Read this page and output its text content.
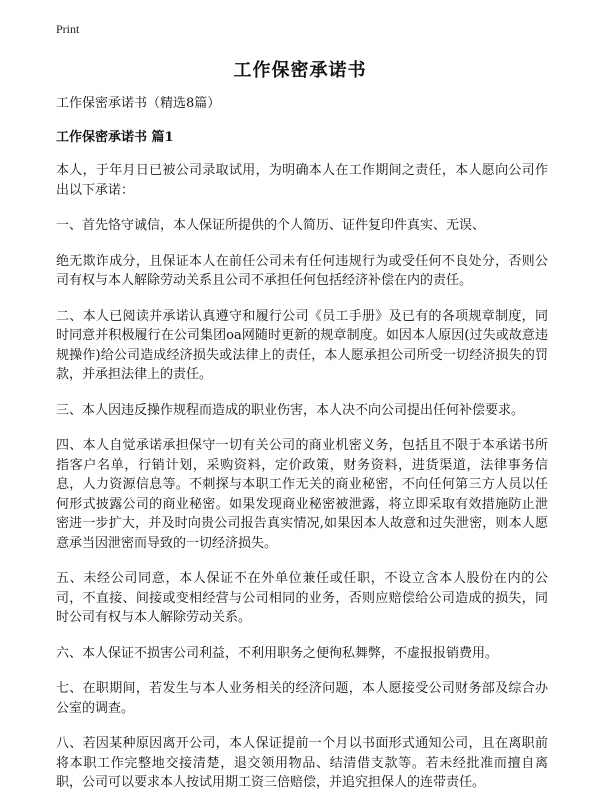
Print
工作保密承诺书

工作保密承诺书（精选8篇）

工作保密承诺书 篇1

本人，于年月日已被公司录取试用，为明确本人在工作期间之责任，本人愿向公司作出以下承诺：

一、首先恪守诚信，本人保证所提供的个人简历、证件复印件真实、无误、

绝无欺诈成分，且保证本人在前任公司未有任何违规行为或受任何不良处分，否则公司有权与本人解除劳动关系且公司不承担任何包括经济补偿在内的责任。

二、本人已阅读并承诺认真遵守和履行公司《员工手册》及已有的各项规章制度，同时同意并积极履行在公司集团oa网随时更新的规章制度。如因本人原因(过失或故意违规操作)给公司造成经济损失或法律上的责任，本人愿承担公司所受一切经济损失的罚款，并承担法律上的责任。

三、本人因违反操作规程而造成的职业伤害，本人决不向公司提出任何补偿要求。

四、本人自觉承诺承担保守一切有关公司的商业机密义务，包括且不限于本承诺书所指客户名单，行销计划，采购资料，定价政策，财务资料，进货渠道，法律事务信息，人力资源信息等。不刺探与本职工作无关的商业秘密，不向任何第三方人员以任何形式披露公司的商业秘密。如果发现商业秘密被泄露，将立即采取有效措施防止泄密进一步扩大，并及时向贵公司报告真实情况,如果因本人故意和过失泄密，则本人愿意承当因泄密而导致的一切经济损失。

五、未经公司同意，本人保证不在外单位兼任或任职，不设立含本人股份在内的公司，不直接、间接或变相经营与公司相同的业务，否则应赔偿给公司造成的损失，同时公司有权与本人解除劳动关系。

六、本人保证不损害公司利益，不利用职务之便徇私舞弊，不虚报报销费用。

七、在职期间，若发生与本人业务相关的经济问题，本人愿接受公司财务部及综合办公室的调查。

八、若因某种原因离开公司，本人保证提前一个月以书面形式通知公司，且在离职前将本职工作完整地交接清楚，退交领用物品、结清借支款等。若未经批准而擅自离职，公司可以要求本人按试用期工资三倍赔偿，并追究担保人的连带责任。
